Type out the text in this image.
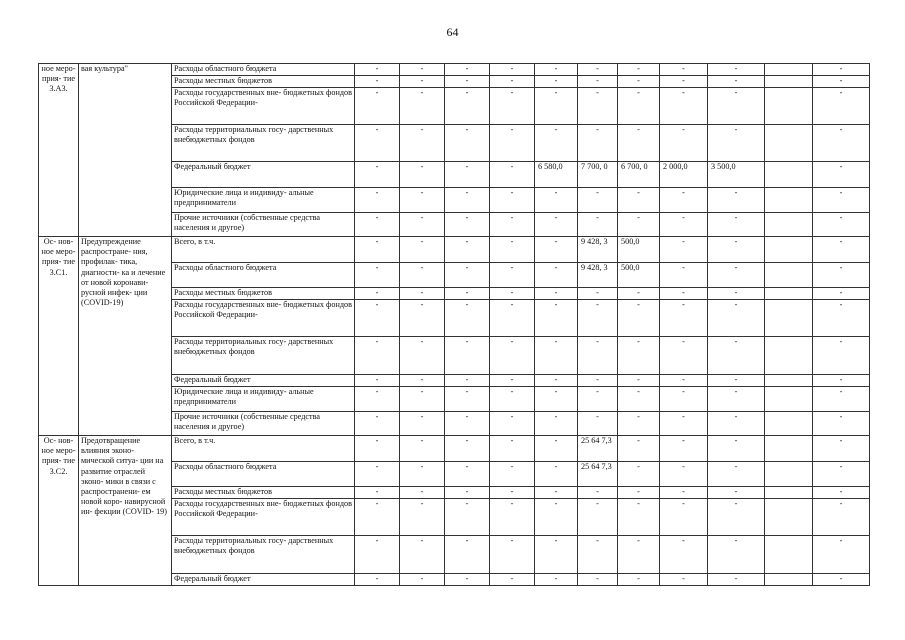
64
ное меро- прия- тие 3.А3.	вая культура"	Расходы областного бюджета	-	-	-	-	-	-	-	-	-		-
		Расходы местных бюджетов	-	-	-	-	-	-	-	-	-		-
		Расходы государственных вне- бюджетных фондов Российской Федерации-	-	-	-	-	-	-	-	-	-		-
		Расходы территориальных госу- дарственных внебюджетных фондов	-	-	-	-	-	-	-	-	-		-
		Федеральный бюджет	-	-	-	-	6 580,0	7 700, 0	6 700, 0	2 000,0	3 500,0		-
		Юридические лица и индивиду- альные предприниматели	-	-	-	-	-	-	-	-	-		-
		Прочие источники (собственные средства населения и другое)	-	-	-	-	-	-	-	-	-		-
Ос- нов- ное меро- прия- тие 3.С1.	Предупреждение распростране- ния, профилак- тика, диагности- ка и лечение от новой коронави- русной инфек- ции (COVID-19)	Всего, в т.ч.	-	-	-	-	-	9 428, 3	500,0	-	-		-
		Расходы областного бюджета	-	-	-	-	-	9 428, 3	500,0	-	-		-
		Расходы местных бюджетов	-	-	-	-	-	-	-	-	-		-
		Расходы государственных вне- бюджетных фондов Российской Федерации-	-	-	-	-	-	-	-	-	-		-
		Расходы территориальных госу- дарственных внебюджетных фондов	-	-	-	-	-	-	-	-	-		-
		Федеральный бюджет	-	-	-	-	-	-	-	-	-		-
		Юридические лица и индивиду- альные предприниматели	-	-	-	-	-	-	-	-	-		-
		Прочие источники (собственные средства населения и другое)	-	-	-	-	-	-	-	-	-		-
Ос- нов- ное меро- прия- тие 3.С2.	Предотвращение влияния эконо- мической ситуа- ции на развитие отраслей эконо- мики в связи с распространени- ем новой коро- навирусной ин- фекции (COVID- 19)	Всего, в т.ч.	-	-	-	-	-	25 64 7,3	-	-	-		-
		Расходы областного бюджета	-	-	-	-	-	25 64 7,3	-	-	-		-
		Расходы местных бюджетов	-	-	-	-	-	-	-	-	-		-
		Расходы государственных вне- бюджетных фондов Российской Федерации-	-	-	-	-	-	-	-	-	-		-
		Расходы территориальных госу- дарственных внебюджетных фондов	-	-	-	-	-	-	-	-	-		-
		Федеральный бюджет	-	-	-	-	-	-	-	-	-		-
